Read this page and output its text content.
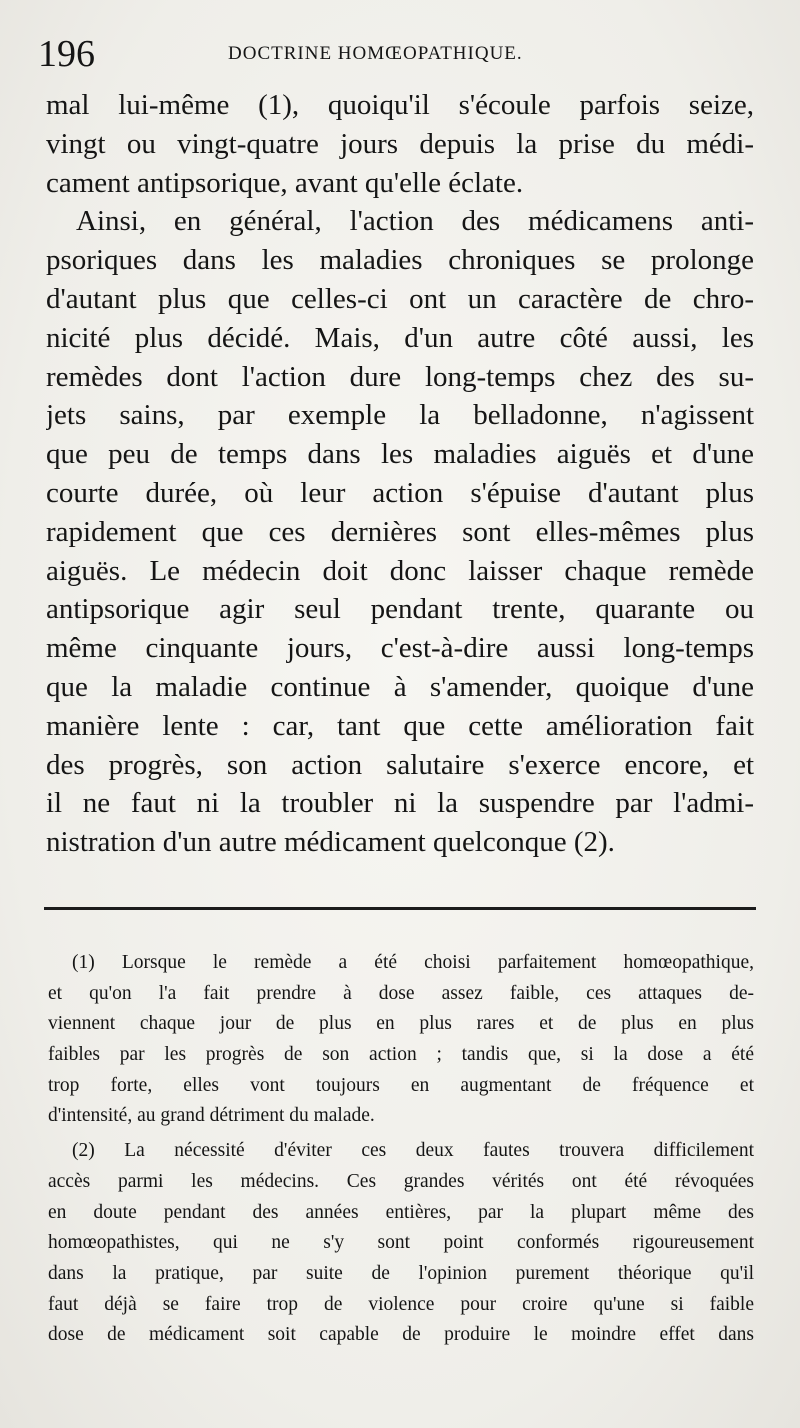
196	DOCTRINE HOMŒOPATHIQUE.
mal lui-même (1), quoiqu'il s'écoule parfois seize,
vingt ou vingt-quatre jours depuis la prise du médi-
cament antipsorique, avant qu'elle éclate.
Ainsi, en général, l'action des médicamens anti-
psoriques dans les maladies chroniques se prolonge
d'autant plus que celles-ci ont un caractère de chro-
nicité plus décidé. Mais, d'un autre côté aussi, les
remèdes dont l'action dure long-temps chez des su-
jets sains, par exemple la belladonne, n'agissent
que peu de temps dans les maladies aiguës et d'une
courte durée, où leur action s'épuise d'autant plus
rapidement que ces dernières sont elles-mêmes plus
aiguës. Le médecin doit donc laisser chaque remède
antipsorique agir seul pendant trente, quarante ou
même cinquante jours, c'est-à-dire aussi long-temps
que la maladie continue à s'amender, quoique d'une
manière lente : car, tant que cette amélioration fait
des progrès, son action salutaire s'exerce encore, et
il ne faut ni la troubler ni la suspendre par l'admi-
nistration d'un autre médicament quelconque (2).
(1) Lorsque le remède a été choisi parfaitement homœopathique,
et qu'on l'a fait prendre à dose assez faible, ces attaques de-
viennent chaque jour de plus en plus rares et de plus en plus
faibles par les progrès de son action ; tandis que, si la dose a été
trop forte, elles vont toujours en augmentant de fréquence et
d'intensité, au grand détriment du malade.
(2) La nécessité d'éviter ces deux fautes trouvera difficilement
accès parmi les médecins. Ces grandes vérités ont été révoquées
en doute pendant des années entières, par la plupart même des
homœopathistes, qui ne s'y sont point conformés rigoureusement
dans la pratique, par suite de l'opinion purement théorique qu'il
faut déjà se faire trop de violence pour croire qu'une si faible
dose de médicament soit capable de produire le moindre effet dans
